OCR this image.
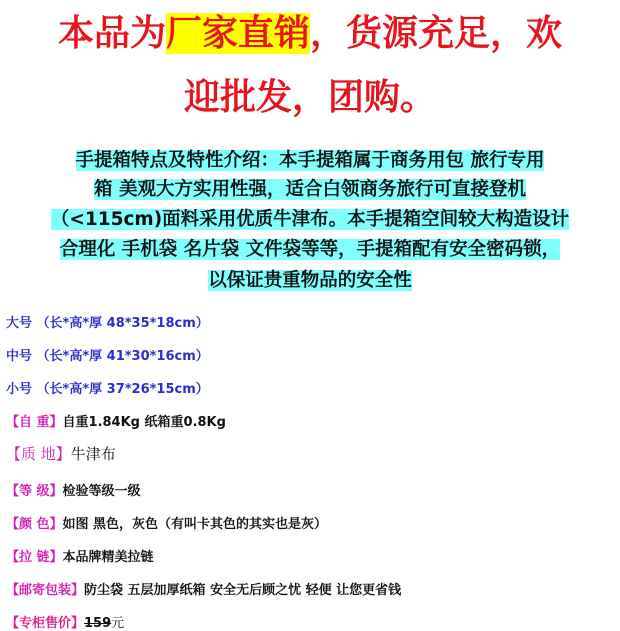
本品为厂家直销，货源充足，欢
迎批发，团购。
手提箱特点及特性介绍：本手提箱属于商务用包 旅行专用
箱 美观大方实用性强，适合白领商务旅行可直接登机
（<115cm)面料采用优质牛津布。本手提箱空间较大构造设计
合理化 手机袋 名片袋 文件袋等等，手提箱配有安全密码锁，
以保证贵重物品的安全性
大号 （长*高*厚 48*35*18cm）
中号 （长*高*厚 41*30*16cm）
小号 （长*高*厚 37*26*15cm）
【自 重】自重1.84Kg 纸箱重0.8Kg
【质 地】牛津布
【等 级】检验等级一级
【颜 色】如图 黑色，灰色（有叫卡其色的其实也是灰）
【拉 链】本品牌精美拉链
【邮寄包装】防尘袋 五层加厚纸箱 安全无后顾之忧 轻便 让您更省钱
【专柜售价】159元
